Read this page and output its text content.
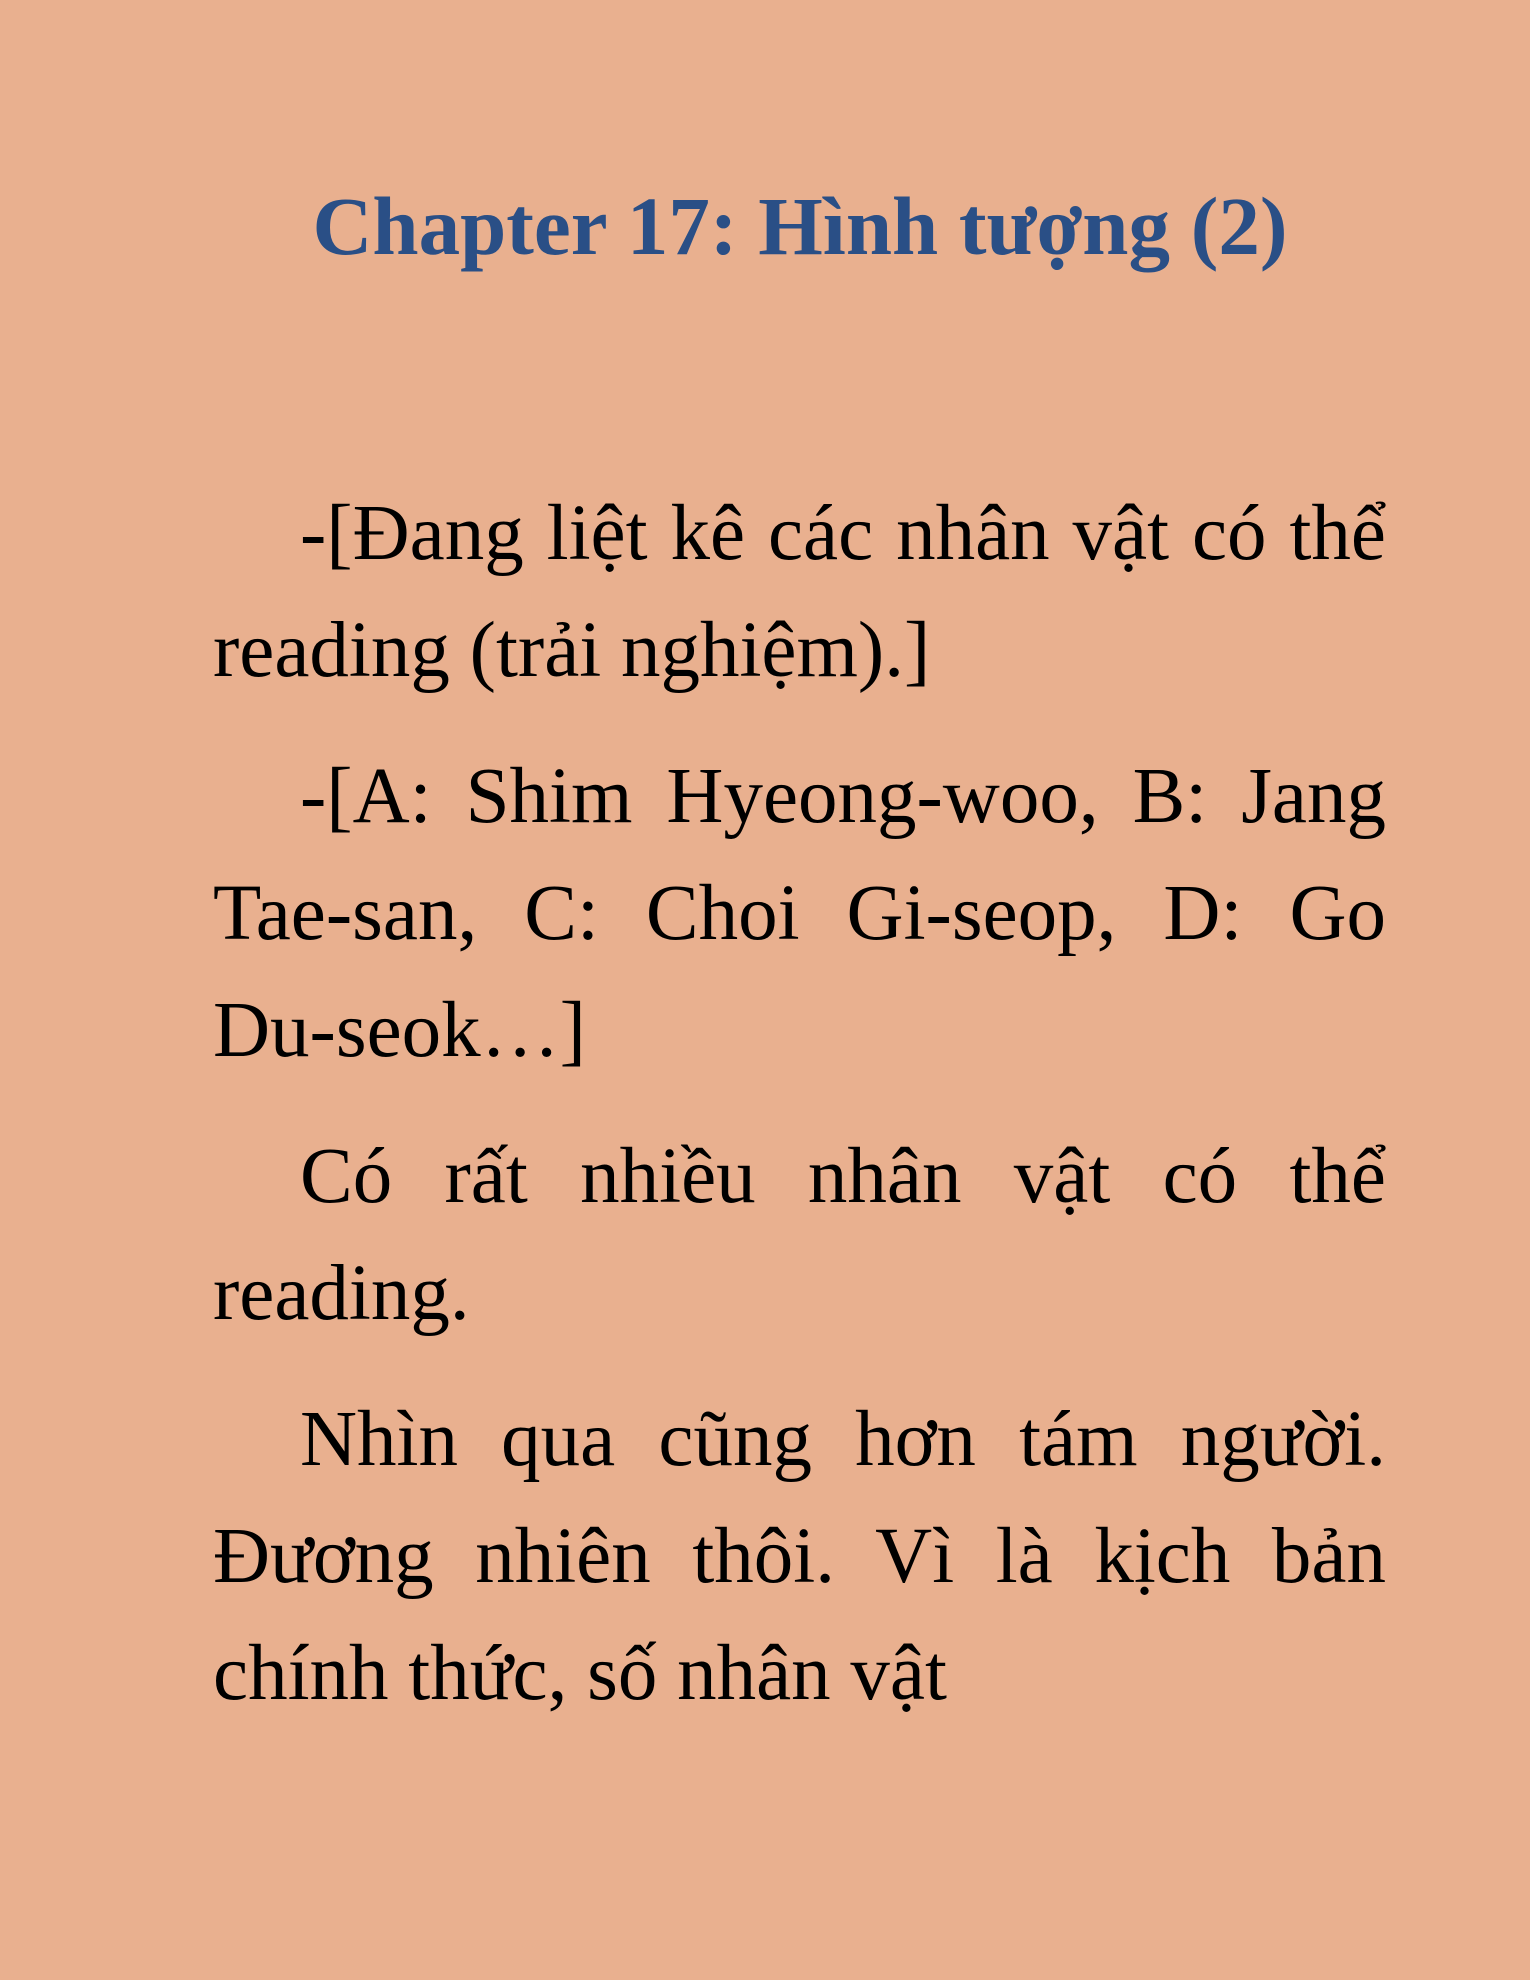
Chapter 17: Hình tượng (2)

-[Đang liệt kê các nhân vật có thể reading (trải nghiệm).]

-[A: Shim Hyeong-woo, B: Jang Tae-san, C: Choi Gi-seop, D: Go Du-seok…]

Có rất nhiều nhân vật có thể reading.

Nhìn qua cũng hơn tám người. Đương nhiên thôi. Vì là kịch bản chính thức, số nhân vật
